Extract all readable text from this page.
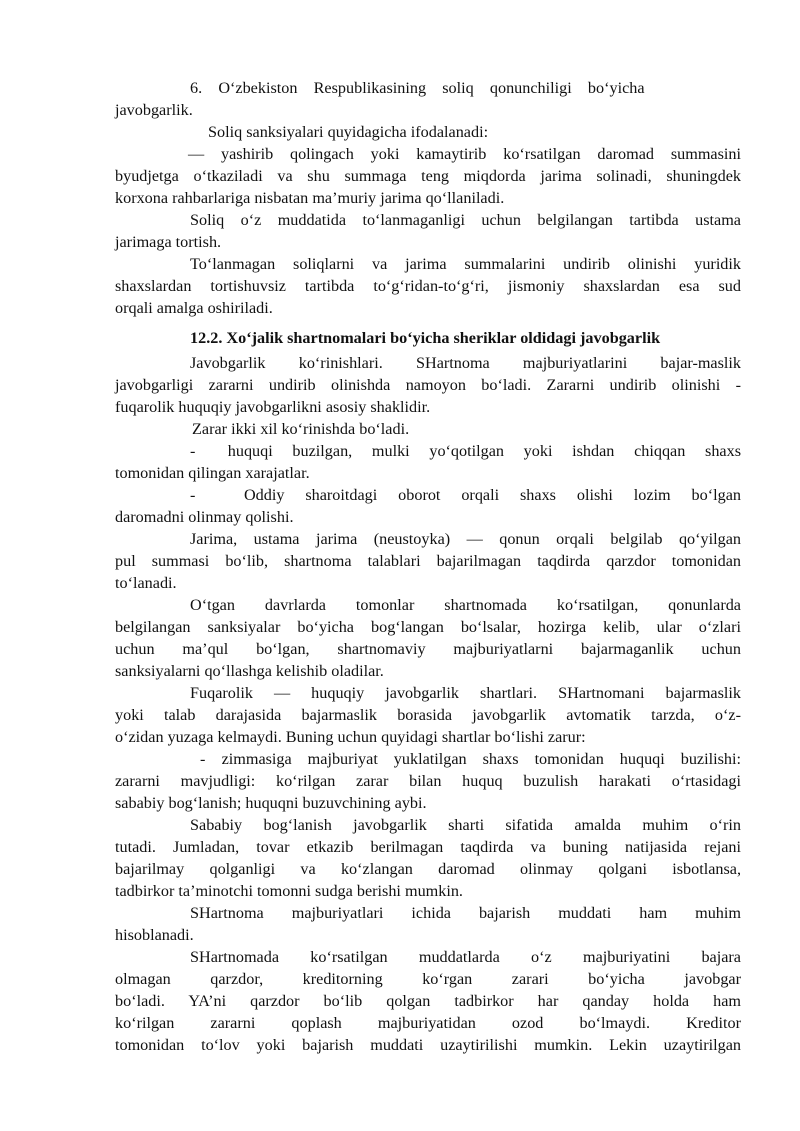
6. O‘zbekiston Respublikasining soliq qonunchiligi bo‘yicha
javobgarlik.
Soliq sanksiyalari quyidagicha ifodalanadi:
— yashirib qolingach yoki kamaytirib ko‘rsatilgan daromad summasini
byudjetga o‘tkaziladi va shu summaga teng miqdorda jarima solinadi, shuningdek
korxona rahbarlariga nisbatan ma’muriy jarima qo‘llaniladi.
Soliq o‘z muddatida to‘lanmaganligi uchun belgilangan tartibda ustama
jarimaga tortish.
To‘lanmagan soliqlarni va jarima summalarini undirib olinishi yuridik
shaxslardan tortishuvsiz tartibda to‘g‘ridan-to‘g‘ri, jismoniy shaxslardan esa sud
orqali amalga oshiriladi.
12.2. Xo‘jalik shartnomalari bo‘yicha sheriklar oldidagi javobgarlik
Javobgarlik ko‘rinishlari. SHartnoma majburiyatlarini bajar-maslik
javobgarligi zararni undirib olinishda namoyon bo‘ladi. Zararni undirib olinishi -
fuqarolik huquqiy javobgarlikni asosiy shaklidir.
Zarar ikki xil ko‘rinishda bo‘ladi.
-  huquqi buzilgan, mulki yo‘qotilgan yoki ishdan chiqqan shaxs
tomonidan qilingan xarajatlar.
-   Oddiy sharoitdagi oborot orqali shaxs olishi lozim bo‘lgan
daromadni olinmay qolishi.
Jarima, ustama jarima (neustoyka) — qonun orqali belgilab qo‘yilgan
pul summasi bo‘lib, shartnoma talablari bajarilmagan taqdirda qarzdor tomonidan
to‘lanadi.
O‘tgan davrlarda tomonlar shartnomada ko‘rsatilgan, qonunlarda
belgilangan sanksiyalar bo‘yicha bog‘langan bo‘lsalar, hozirga kelib, ular o‘zlari
uchun ma’qul bo‘lgan, shartnomaviy majburiyatlarni bajarmaganlik uchun
sanksiyalarni qo‘llashga kelishib oladilar.
Fuqarolik — huquqiy javobgarlik shartlari. SHartnomani bajarmaslik
yoki talab darajasida bajarmaslik borasida javobgarlik avtomatik tarzda, o‘z-
o‘zidan yuzaga kelmaydi. Buning uchun quyidagi shartlar bo‘lishi zarur:
- zimmasiga majburiyat yuklatilgan shaxs tomonidan huquqi buzilishi:
zararni mavjudligi: ko‘rilgan zarar bilan huquq buzulish harakati o‘rtasidagi
sababiy bog‘lanish; huquqni buzuvchining aybi.
Sababiy bog‘lanish javobgarlik sharti sifatida amalda muhim o‘rin
tutadi. Jumladan, tovar etkazib berilmagan taqdirda va buning natijasida rejani
bajarilmay qolganligi va ko‘zlangan daromad olinmay qolgani isbotlansa,
tadbirkor ta’minotchi tomonni sudga berishi mumkin.
SHartnoma majburiyatlari ichida bajarish muddati ham muhim
hisoblanadi.
SHartnomada ko‘rsatilgan muddatlarda o‘z majburiyatini bajara
olmagan qarzdor, kreditorning ko‘rgan zarari bo‘yicha javobgar
bo‘ladi. YA’ni qarzdor bo‘lib qolgan tadbirkor har qanday holda ham
ko‘rilgan zararni qoplash majburiyatidan ozod bo‘lmaydi. Kreditor
tomonidan to‘lov yoki bajarish muddati uzaytirilishi mumkin. Lekin uzaytirilgan
